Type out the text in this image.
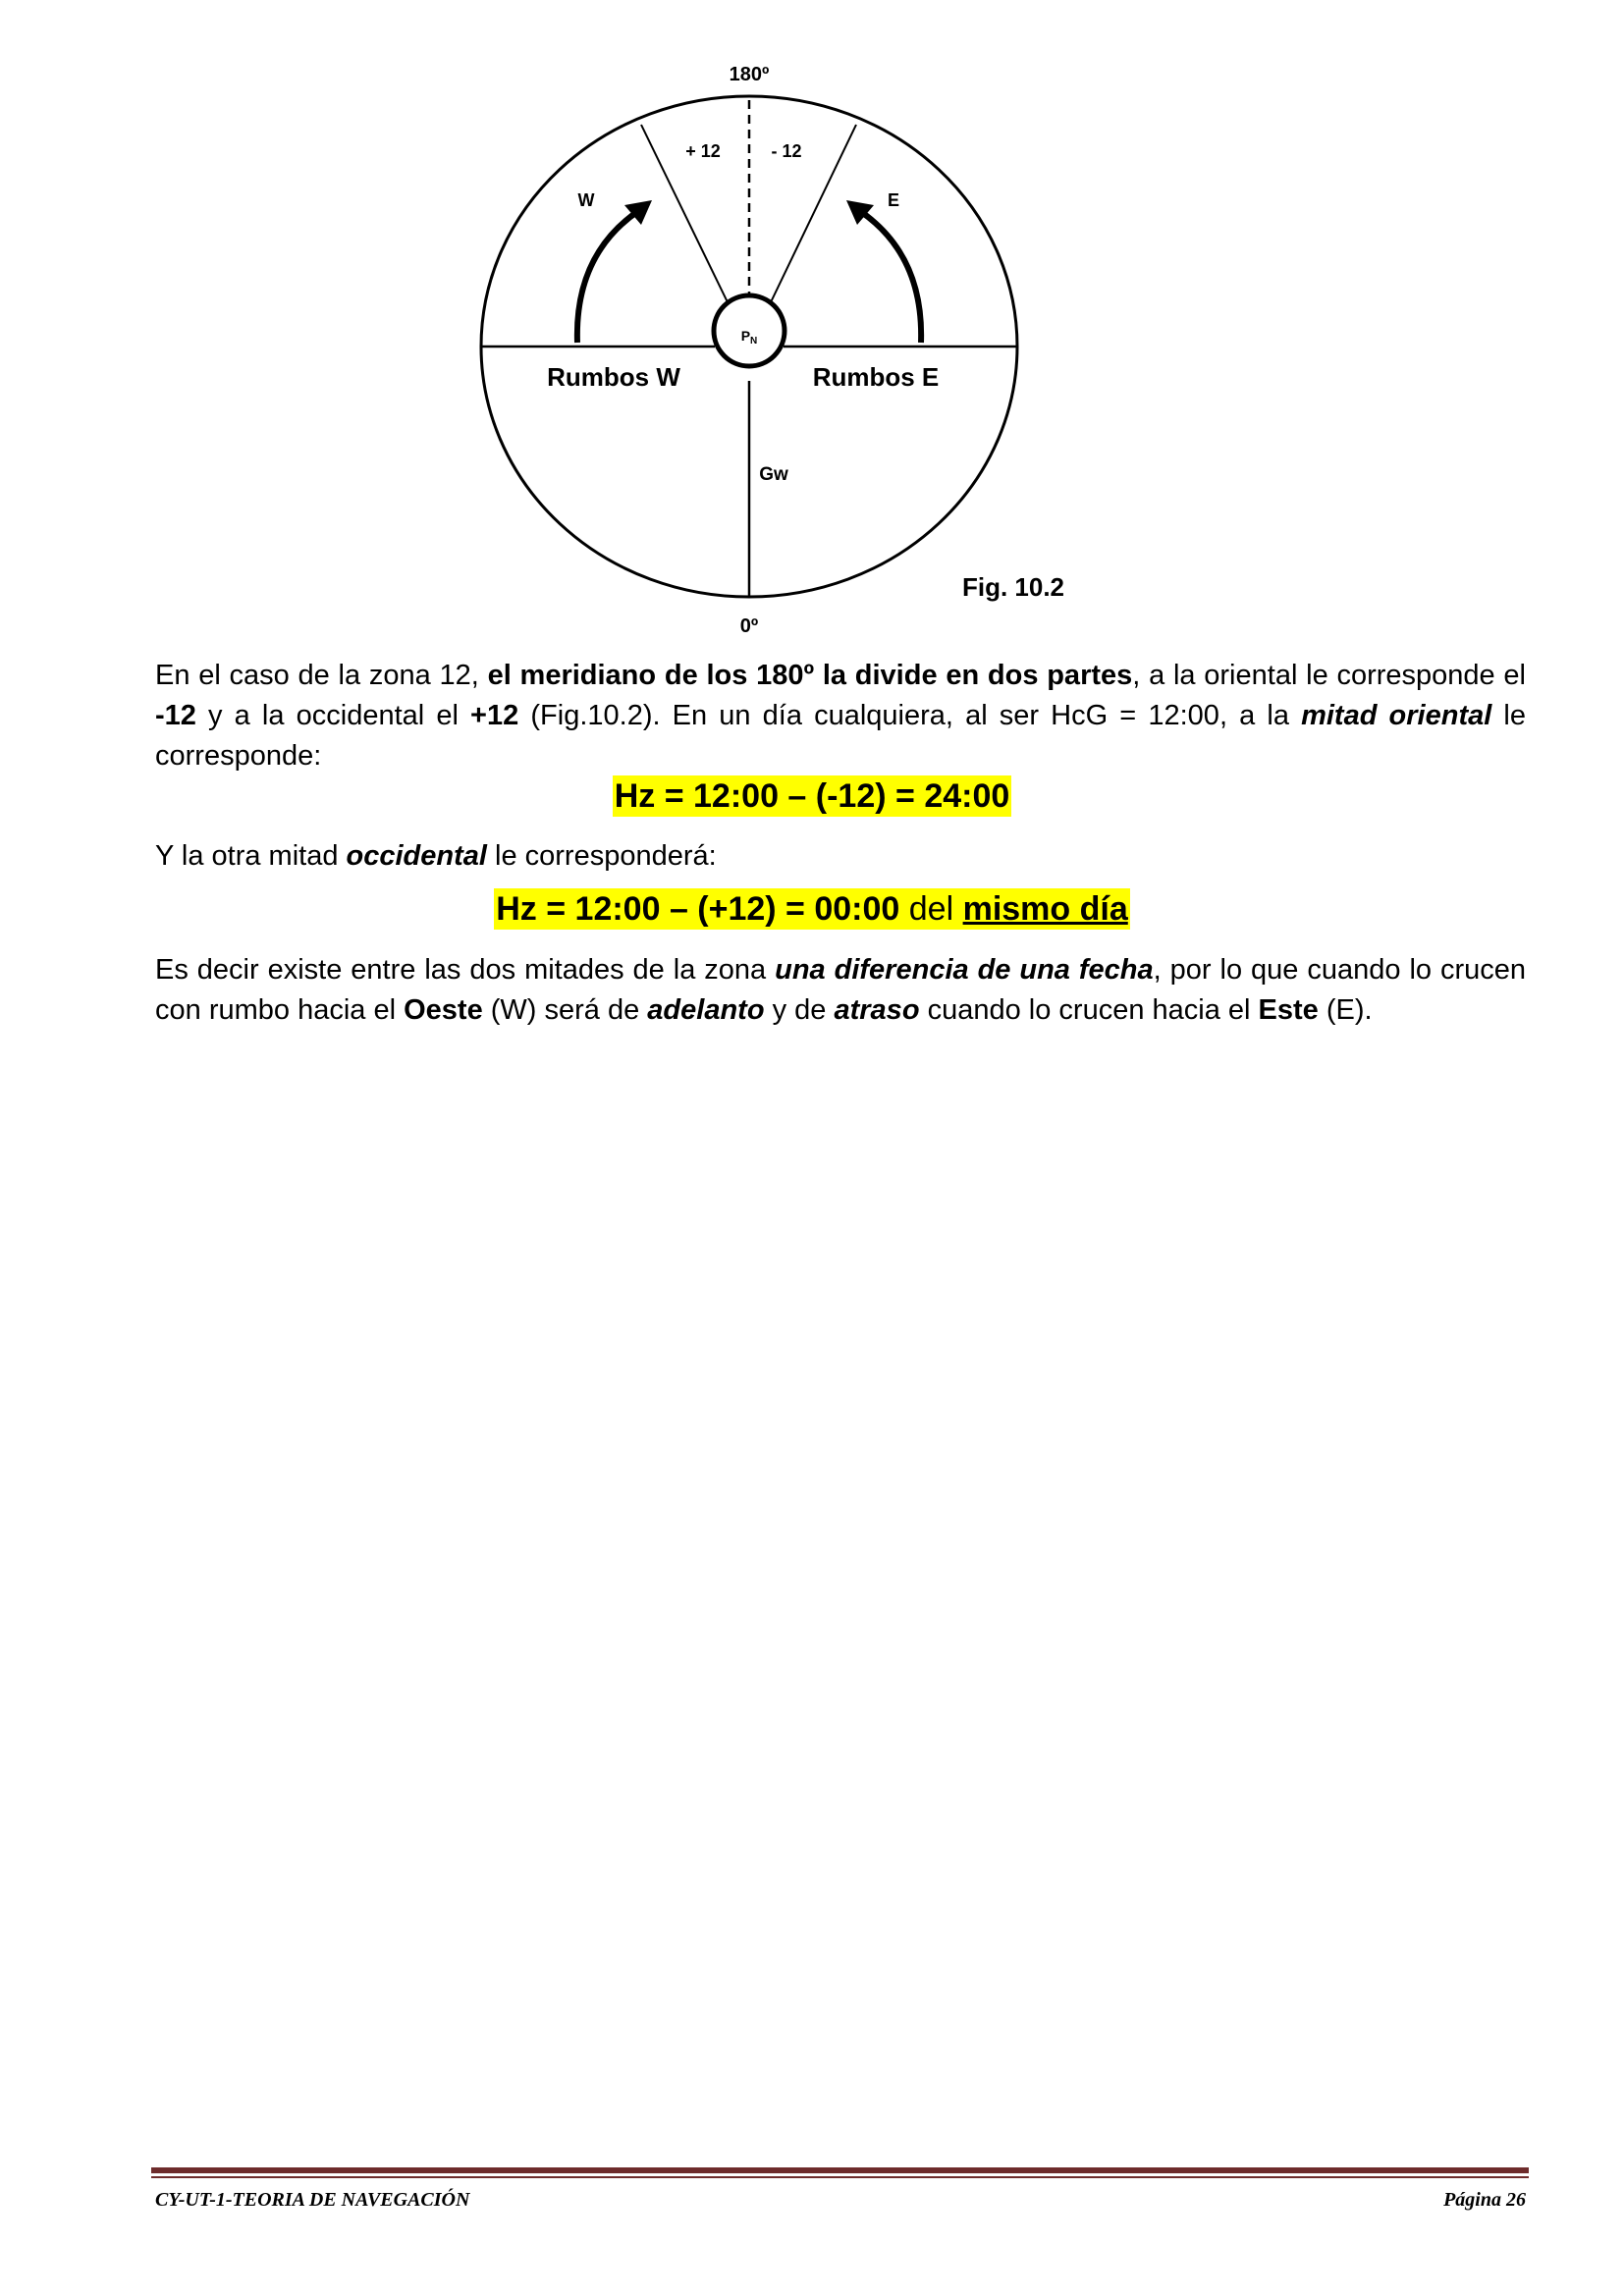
180º
+ 12	- 12
W	E
$P_N$
Rumbos W	Rumbos E
Gw
0º
Fig. 10.2

En el caso de la zona 12, el meridiano de los 180º la divide en dos partes, a la oriental le corresponde el -12 y a la occidental el +12 (Fig.10.2). En un día cualquiera, al ser HcG = 12:00, a la mitad oriental le corresponde:

Hz = 12:00 – (-12) = 24:00

Y la otra mitad occidental le corresponderá:

Hz = 12:00 – (+12) = 00:00 del mismo día

Es decir existe entre las dos mitades de la zona una diferencia de una fecha, por lo que cuando lo crucen con rumbo hacia el Oeste (W) será de adelanto y de atraso cuando lo crucen hacia el Este (E).

CY-UT-1-TEORIA DE NAVEGACIÓN	Página 26
